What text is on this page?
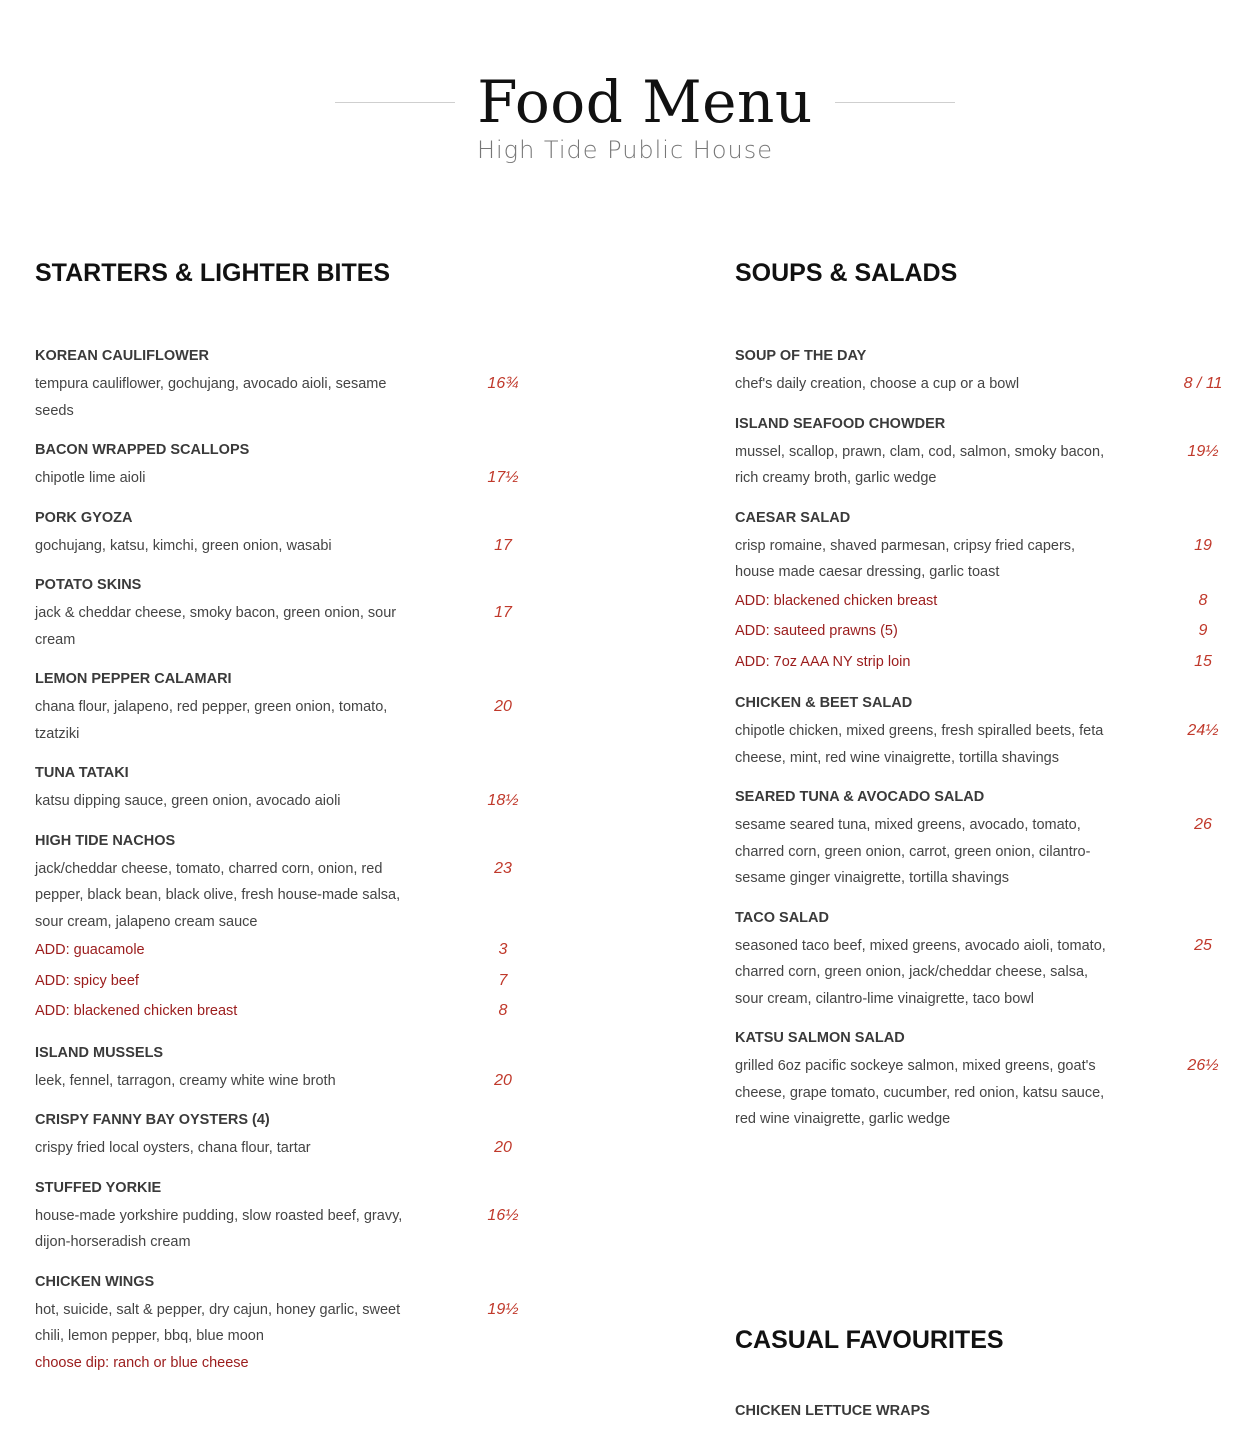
Food Menu
High Tide Public House
STARTERS & LIGHTER BITES
KOREAN CAULIFLOWER
tempura cauliflower, gochujang, avocado aioli, sesame seeds
16¾
BACON WRAPPED SCALLOPS
chipotle lime aioli	17½
PORK GYOZA
gochujang, katsu, kimchi, green onion, wasabi	17
POTATO SKINS
jack & cheddar cheese, smoky bacon, green onion, sour cream
17
LEMON PEPPER CALAMARI
chana flour, jalapeno, red pepper, green onion, tomato, tzatziki
20
TUNA TATAKI
katsu dipping sauce, green onion, avocado aioli	18½
HIGH TIDE NACHOS
jack/cheddar cheese, tomato, charred corn, onion, red pepper, black bean, black olive, fresh house-made salsa, sour cream, jalapeno cream sauce
23
ADD: guacamole	3
ADD: spicy beef	7
ADD: blackened chicken breast	8
ISLAND MUSSELS
leek, fennel, tarragon, creamy white wine broth	20
CRISPY FANNY BAY OYSTERS (4)
crispy fried local oysters, chana flour, tartar	20
STUFFED YORKIE
house-made yorkshire pudding, slow roasted beef, gravy, dijon-horseradish cream
16½
CHICKEN WINGS
hot, suicide, salt & pepper, dry cajun, honey garlic, sweet chili, lemon pepper, bbq, blue moon
19½
choose dip: ranch or blue cheese
SOUPS & SALADS
SOUP OF THE DAY
chef's daily creation, choose a cup or a bowl	8 / 11
ISLAND SEAFOOD CHOWDER
mussel, scallop, prawn, clam, cod, salmon, smoky bacon, rich creamy broth, garlic wedge
19½
CAESAR SALAD
crisp romaine, shaved parmesan, cripsy fried capers, house made caesar dressing, garlic toast
19
ADD: blackened chicken breast	8
ADD: sauteed prawns (5)	9
ADD: 7oz AAA NY strip loin	15
CHICKEN & BEET SALAD
chipotle chicken, mixed greens, fresh spiralled beets, feta cheese, mint, red wine vinaigrette, tortilla shavings
24½
SEARED TUNA & AVOCADO SALAD
sesame seared tuna, mixed greens, avocado, tomato, charred corn, green onion, carrot, green onion, cilantro-sesame ginger vinaigrette, tortilla shavings
26
TACO SALAD
seasoned taco beef, mixed greens, avocado aioli, tomato, charred corn, green onion, jack/cheddar cheese, salsa, sour cream, cilantro-lime vinaigrette, taco bowl
25
KATSU SALMON SALAD
grilled 6oz pacific sockeye salmon, mixed greens, goat's cheese, grape tomato, cucumber, red onion, katsu sauce, red wine vinaigrette, garlic wedge
26½
CASUAL FAVOURITES
CHICKEN LETTUCE WRAPS
